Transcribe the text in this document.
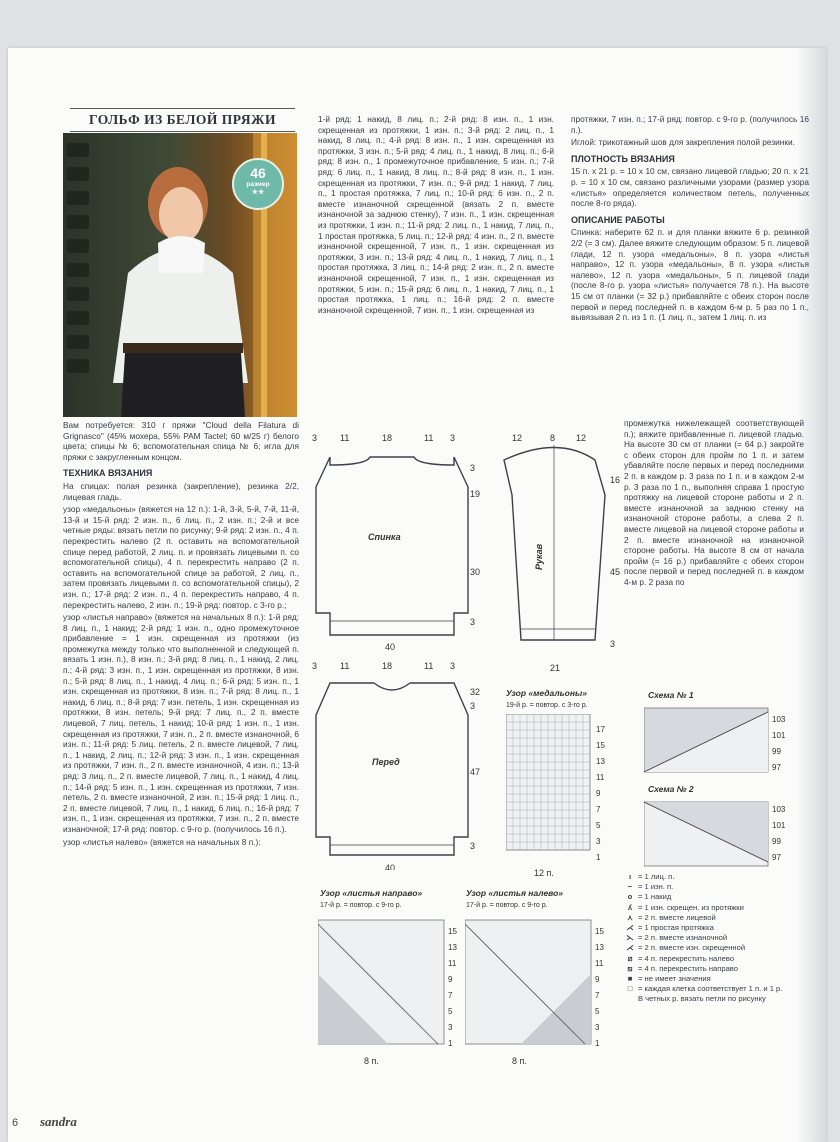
ГОЛЬФ ИЗ БЕЛОЙ ПРЯЖИ
46
размер
★★

Вам потребуется: 310 г пряжи "Cloud della Filatura di Grignasco" (45% мохера, 55% PAM Tactel; 60 м/25 г) белого цвета; спицы № 6; вспомогательная спица № 6; игла для пряжи с закругленным концом.

ТЕХНИКА ВЯЗАНИЯ

На спицах: полая резинка (закрепление), резинка 2/2, лицевая гладь.

узор «медальоны» (вяжется на 12 п.): 1-й, 3-й, 5-й, 7-й, 11-й, 13-й и 15-й ряд: 2 изн. п., 6 лиц. п., 2 изн. п.; 2-й и все четные ряды: вязать петли по рисунку; 9-й ряд: 2 изн. п., 4 п. перекрестить налево (2 п. оставить на вспомогательной спице перед работой, 2 лиц. п. и провязать лицевыми п. со вспомогательной спицы), 4 п. перекрестить направо (2 п. оставить на вспомогательной спице за работой, 2 лиц. п., затем провязать лицевыми п. со вспомогательной спицы), 2 изн. п.; 17-й ряд: 2 изн. п., 4 п. перекрестить направо, 4 п. перекрестить налево, 2 изн. п.; 19-й ряд: повтор. с 3-го р.;

узор «листья направо» (вяжется на начальных 8 п.): 1-й ряд: 8 лиц. п., 1 накид; 2-й ряд: 1 изн. п., одно промежуточное прибавление = 1 изн. скрещенная из протяжки (из промежутка между только что выполненной и следующей п. вязать 1 изн. п.), 8 изн. п.; 3-й ряд: 8 лиц. п., 1 накид, 2 лиц. п.; 4-й ряд: 3 изн. п., 1 изн. скрещенная из протяжки, 8 изн. п.; 5-й ряд: 8 лиц. п., 1 накид, 4 лиц. п.; 6-й ряд: 5 изн. п., 1 изн. скрещенная из протяжки, 8 изн. п.; 7-й ряд: 8 лиц. п., 1 накид, 6 лиц. п.; 8-й ряд: 7 изн. петель, 1 изн. скрещенная из протяжки, 8 изн. петель; 9-й ряд: 7 лиц. п., 2 п. вместе лицевой, 7 лиц. петель, 1 накид; 10-й ряд: 1 изн. п., 1 изн. скрещенная из протяжки, 7 изн. п., 2 п. вместе изнаночной, 6 изн. п.; 11-й ряд: 5 лиц. петель, 2 п. вместе лицевой, 7 лиц. п., 1 накид, 2 лиц. п.; 12-й ряд: 3 изн. п., 1 изн. скрещенная из протяжки, 7 изн. п., 2 п. вместе изнаночной, 4 изн. п.; 13-й ряд: 3 лиц. п., 2 п. вместе лицевой, 7 лиц. п., 1 накид, 4 лиц. п.; 14-й ряд: 5 изн. п., 1 изн. скрещенная из протяжки, 7 изн. петель, 2 п. вместе изнаночной, 2 изн. п.; 15-й ряд: 1 лиц. п., 2 п. вместе лицевой, 7 лиц. п., 1 накид, 6 лиц. п.; 16-й ряд: 7 изн. п., 1 изн. скрещенная из протяжки, 7 изн. п., 2 п. вместе изнаночной; 17-й ряд: повтор. с 9-го р. (получилось 16 п.).

узор «листья налево» (вяжется на начальных 8 п.):

1-й ряд: 1 накид, 8 лиц. п.; 2-й ряд: 8 изн. п., 1 изн. скрещенная из протяжки, 1 изн. п.; 3-й ряд: 2 лиц. п., 1 накид, 8 лиц. п.; 4-й ряд: 8 изн. п., 1 изн. скрещенная из протяжки, 3 изн. п.; 5-й ряд: 4 лиц. п., 1 накид, 8 лиц. п.; 6-й ряд: 8 изн. п., 1 промежуточное прибавление, 5 изн. п.; 7-й ряд: 6 лиц. п., 1 накид, 8 лиц. п.; 8-й ряд: 8 изн. п., 1 изн. скрещенная из протяжки, 7 изн. п.; 9-й ряд: 1 накид, 7 лиц. п., 1 простая протяжка, 7 лиц. п.; 10-й ряд: 6 изн. п., 2 п. вместе изнаночной скрещенной (вязать 2 п. вместе изнаночной за заднюю стенку), 7 изн. п., 1 изн. скрещенная из протяжки, 1 изн. п.; 11-й ряд: 2 лиц. п., 1 накид, 7 лиц. п., 1 простая протяжка, 5 лиц. п.; 12-й ряд: 4 изн. п., 2 п. вместе изнаночной скрещенной, 7 изн. п., 1 изн. скрещенная из протяжки, 3 изн. п.; 13-й ряд: 4 лиц. п., 1 накид, 7 лиц. п., 1 простая протяжка, 3 лиц. п.; 14-й ряд: 2 изн. п., 2 п. вместе изнаночной скрещенной, 7 изн. п., 1 изн. скрещенная из протяжки, 5 изн. п.; 15-й ряд: 6 лиц. п., 1 накид, 7 лиц. п., 1 простая протяжка, 1 лиц. п.; 16-й ряд: 2 п. вместе изнаночной скрещенной, 7 изн. п., 1 изн. скрещенная из

протяжки, 7 изн. п.; 17-й ряд: повтор. с 9-го р. (получилось 16 п.).

Иглой: трикотажный шов для закрепления полой резинки.

ПЛОТНОСТЬ ВЯЗАНИЯ

15 п. x 21 р. = 10 x 10 см, связано лицевой гладью; 20 п. x 21 р. = 10 x 10 см, связано различными узорами (размер узора «листья» определяется количеством петель, полученных после 8-го ряда).

ОПИСАНИЕ РАБОТЫ

Спинка: наберите 62 п. и для планки вяжите 6 р. резинкой 2/2 (= 3 см). Далее вяжите следующим образом: 5 п. лицевой глади, 12 п. узора «медальоны», 8 п. узора «листья направо», 12 п. узора «медальоны», 8 п. узора «листья налево», 12 п. узора «медальоны», 5 п. лицевой глади (после 8-го р. узора «листья» получается 78 п.). На высоте 15 см от планки (= 32 р.) прибавляйте с обеих сторон после первой и перед последней п. в каждом 6-м р. 5 раз по 1 п., вывязывая 2 п. из 1 п. (1 лиц. п., затем 1 лиц. п. из

промежутка нижележащей соответствующей п.); вяжите прибавленные п. лицевой гладью. На высоте 30 см от планки (= 64 р.) закройте с обеих сторон для пройм по 1 п. и затем убавляйте после первых и перед последними 2 п. в каждом р. 3 раза по 1 п. и в каждом 2-м р. 3 раза по 1 п., выполняя справа 1 простую протяжку на лицевой стороне работы и 2 п. вместе изнаночной за заднюю стенку на изнаночной стороне работы, а слева 2 п. вместе лицевой на лицевой стороне работы и 2 п. вместе изнаночной на изнаночной стороне работы. На высоте 8 см от начала пройм (= 16 р.) прибавляйте с обеих сторон после первой и перед последней п. в каждом 4-м р. 2 раза по

3	11	18	11 3
3
19
30
3
40
Спинка
12	8 12
16
45
3
21
Рукав
3	11	18	11 3
32
3
47
3
40
Перед
Узор «медальоны»
19-й р. = повтор. с 3-го р.
17
15
13
11
9
7
5
3
1
12 п.
Узор «листья направо»
17-й р. = повтор. с 9-го р.
15
13
11
9
7
5
3
1
8 п.
Узор «листья налево»
17-й р. = повтор. с 9-го р.
15
13
11
9
7
5
3
1
8 п.
Схема № 1
103
101
99
97
Схема № 2
103
101
99
97
ı = 1 лиц. п.
− = 1 изн. п.
o = 1 накид
ʎ = 1 изн. скрещен. из протяжки
⋏ = 2 п. вместе лицевой
⋌ = 1 простая протяжка
⋋ = 2 п. вместе изнаночной
⋌ = 2 п. вместе изн. скрещенной
⧄ = 4 п. перекрестить налево
⧅ = 4 п. перекрестить направо
■ = не имеет значения
□ = каждая клетка соответствует 1 п. и 1 р.
В четных р. вязать петли по рисунку
6 sandra
